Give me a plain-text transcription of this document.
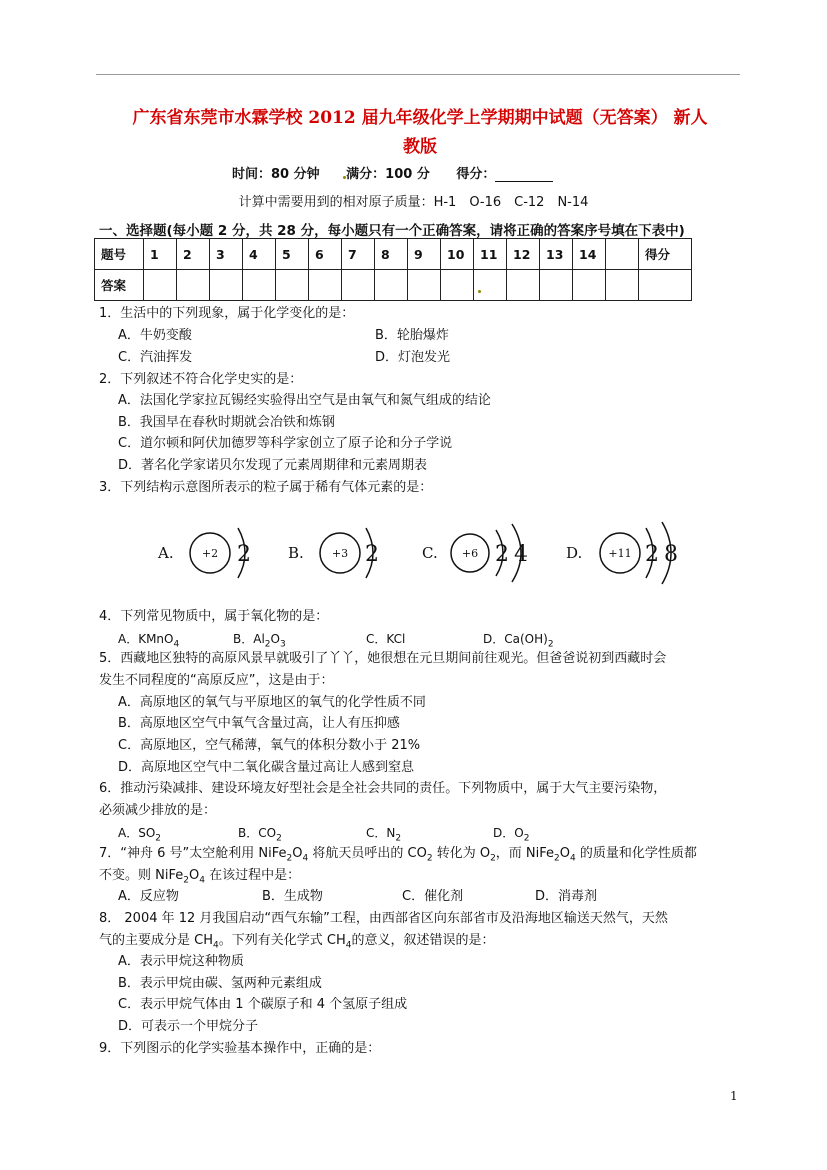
广东省东莞市水霖学校 2012 届九年级化学上学期期中试题（无答案） 新人
教版
时间：80 分钟 满分：100 分 得分：
计算中需要用到的相对原子质量：H-1　O-16　C-12　N-14
一、选择题(每小题 2 分，共 28 分，每小题只有一个正确答案，请将正确的答案序号填在下表中)
题号	1	2	3	4	5	6	7	8	9	10	11	12	13	14		得分
答案																
1．生活中的下列现象，属于化学变化的是：
A．牛奶变酸	B．轮胎爆炸
C．汽油挥发	D．灯泡发光
2．下列叙述不符合化学史实的是：
A．法国化学家拉瓦锡经实验得出空气是由氧气和氮气组成的结论
B．我国早在春秋时期就会冶铁和炼钢
C．道尔顿和阿伏加德罗等科学家创立了原子论和分子学说
D．著名化学家诺贝尔发现了元素周期律和元素周期表
3．下列结构示意图所表示的粒子属于稀有气体元素的是：
A.	+2 2 B.	+3 2	C. +6 2 4	D. +11 2 8
4．下列常见物质中，属于氧化物的是：
A．KMnO$_4$	B．$Al_2O_3$	C．KCl	D．$Ca(OH)_2$
5．西藏地区独特的高原风景早就吸引了丫丫，她很想在元旦期间前往观光。但爸爸说初到西藏时会
发生不同程度的“高原反应”，这是由于：
A．高原地区的氧气与平原地区的氧气的化学性质不同
B．高原地区空气中氧气含量过高，让人有压抑感
C．高原地区，空气稀薄，氧气的体积分数小于 21%
D．高原地区空气中二氧化碳含量过高让人感到窒息
6．推动污染减排、建设环境友好型社会是全社会共同的责任。下列物质中，属于大气主要污染物，
必须减少排放的是：
A．$SO_2$	B．$CO_2$	C．$N_2$	D．$O_2$
7．“神舟 6 号”太空舱利用 $NiFe_2O_4$ 将航天员呼出的 $CO_2$ 转化为 $O_2$，而 $NiFe_2O_4$ 的质量和化学性质都
不变。则 $NiFe_2O_4$ 在该过程中是：
A．反应物	B．生成物	C．催化剂	D．消毒剂
8． 2004 年 12 月我国启动“西气东输”工程，由西部省区向东部省市及沿海地区输送天然气，天然
气的主要成分是 $CH_4$。下列有关化学式 $CH_4$的意义，叙述错误的是：
A．表示甲烷这种物质
B．表示甲烷由碳、氢两种元素组成
C．表示甲烷气体由 1 个碳原子和 4 个氢原子组成
D．可表示一个甲烷分子
9．下列图示的化学实验基本操作中，正确的是：
1
